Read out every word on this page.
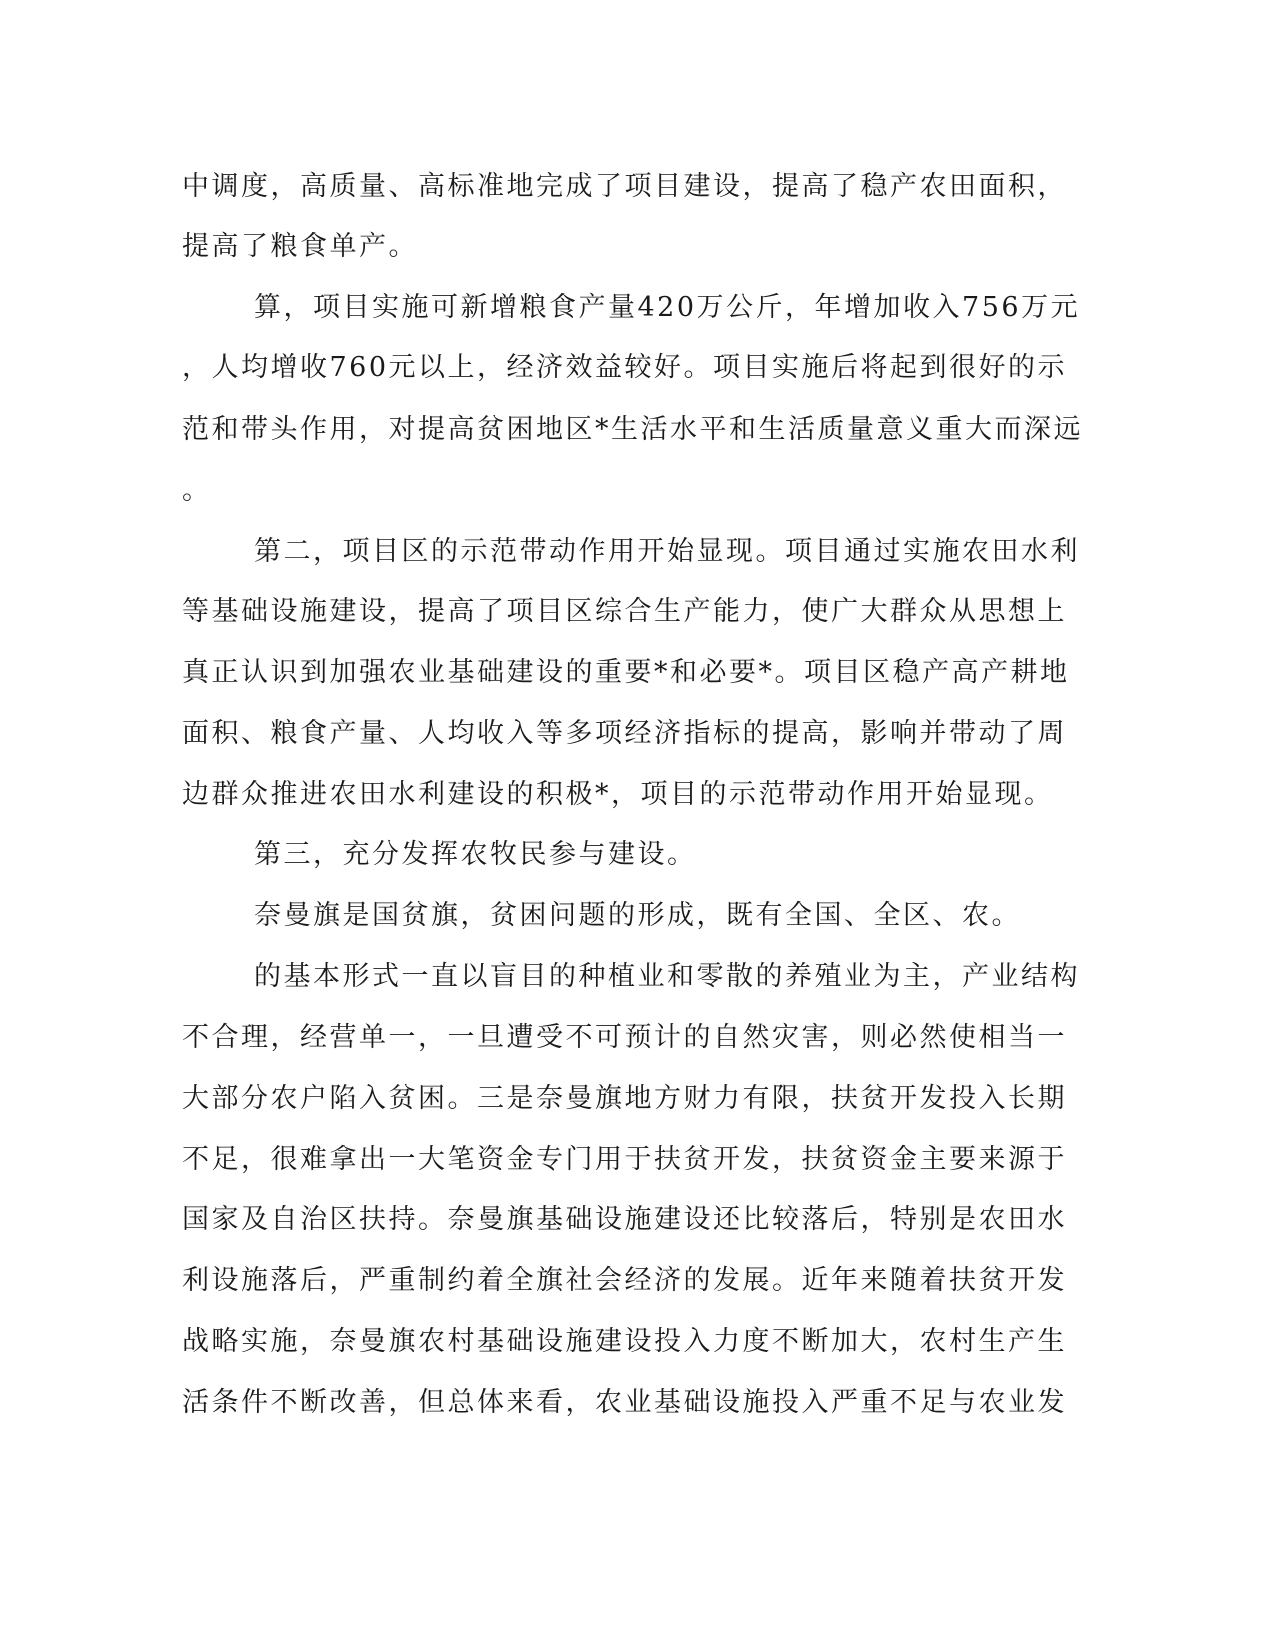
中调度，高质量、高标准地完成了项目建设，提高了稳产农田面积，
提高了粮食单产。
算，项目实施可新增粮食产量420万公斤，年增加收入756万元
，人均增收760元以上，经济效益较好。项目实施后将起到很好的示
范和带头作用，对提高贫困地区*生活水平和生活质量意义重大而深远
。
第二，项目区的示范带动作用开始显现。项目通过实施农田水利
等基础设施建设，提高了项目区综合生产能力，使广大群众从思想上
真正认识到加强农业基础建设的重要*和必要*。项目区稳产高产耕地
面积、粮食产量、人均收入等多项经济指标的提高，影响并带动了周
边群众推进农田水利建设的积极*，项目的示范带动作用开始显现。
第三，充分发挥农牧民参与建设。
奈曼旗是国贫旗，贫困问题的形成，既有全国、全区、农。
的基本形式一直以盲目的种植业和零散的养殖业为主，产业结构
不合理，经营单一，一旦遭受不可预计的自然灾害，则必然使相当一
大部分农户陷入贫困。三是奈曼旗地方财力有限，扶贫开发投入长期
不足，很难拿出一大笔资金专门用于扶贫开发，扶贫资金主要来源于
国家及自治区扶持。奈曼旗基础设施建设还比较落后，特别是农田水
利设施落后，严重制约着全旗社会经济的发展。近年来随着扶贫开发
战略实施，奈曼旗农村基础设施建设投入力度不断加大，农村生产生
活条件不断改善，但总体来看，农业基础设施投入严重不足与农业发
